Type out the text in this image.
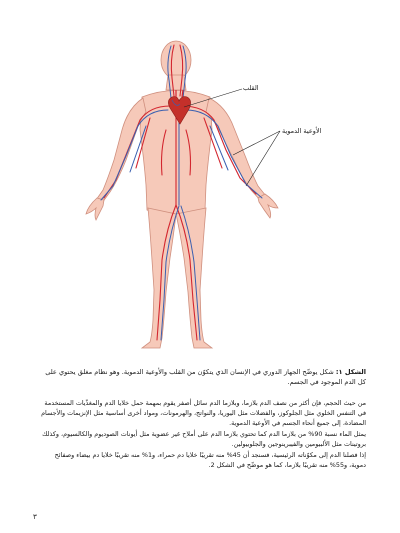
القلب
الأوعية الدموية
الشكل ١: شكل يوضّح الجهاز الدوري في الإنسان الذي يتكوّن من القلب والأوعية الدموية. وهو نظام مغلق يحتوي على كل الدم الموجود في الجسم.

من حيث الحجم، فإن أكثر من نصف الدم بلازما، وبلازما الدم سائل أصفر يقوم بمهمة حمل خلايا الدم والمغذّيات المستخدمة في التنفس الخلوي مثل الجلوكوز، والفضلات مثل اليوريا، والنواتج، والهرمونات، ومواد أخرى أساسية مثل الإنزيمات والأجسام المضادة، إلى جميع أنحاء الجسم في الأوعية الدموية.

يمثل الماء نسبة 90% من بلازما الدم كما تحتوي بلازما الدم على أملاح غير عضوية مثل أيونات الصوديوم والكالسيوم، وكذلك بروتينات مثل الألبيومين والفيبرينوجين والجلوبيولين.

إذا فصلنا الدم إلى مكوّناته الرئيسية، فسنجد أن 45% منه تقريبًا خلايا دم حمراء، و1% منه تقريبًا خلايا دم بيضاء وصفائح دموية، و55% منه تقريبًا بلازما، كما هو موضّح في الشكل 2.

٣
